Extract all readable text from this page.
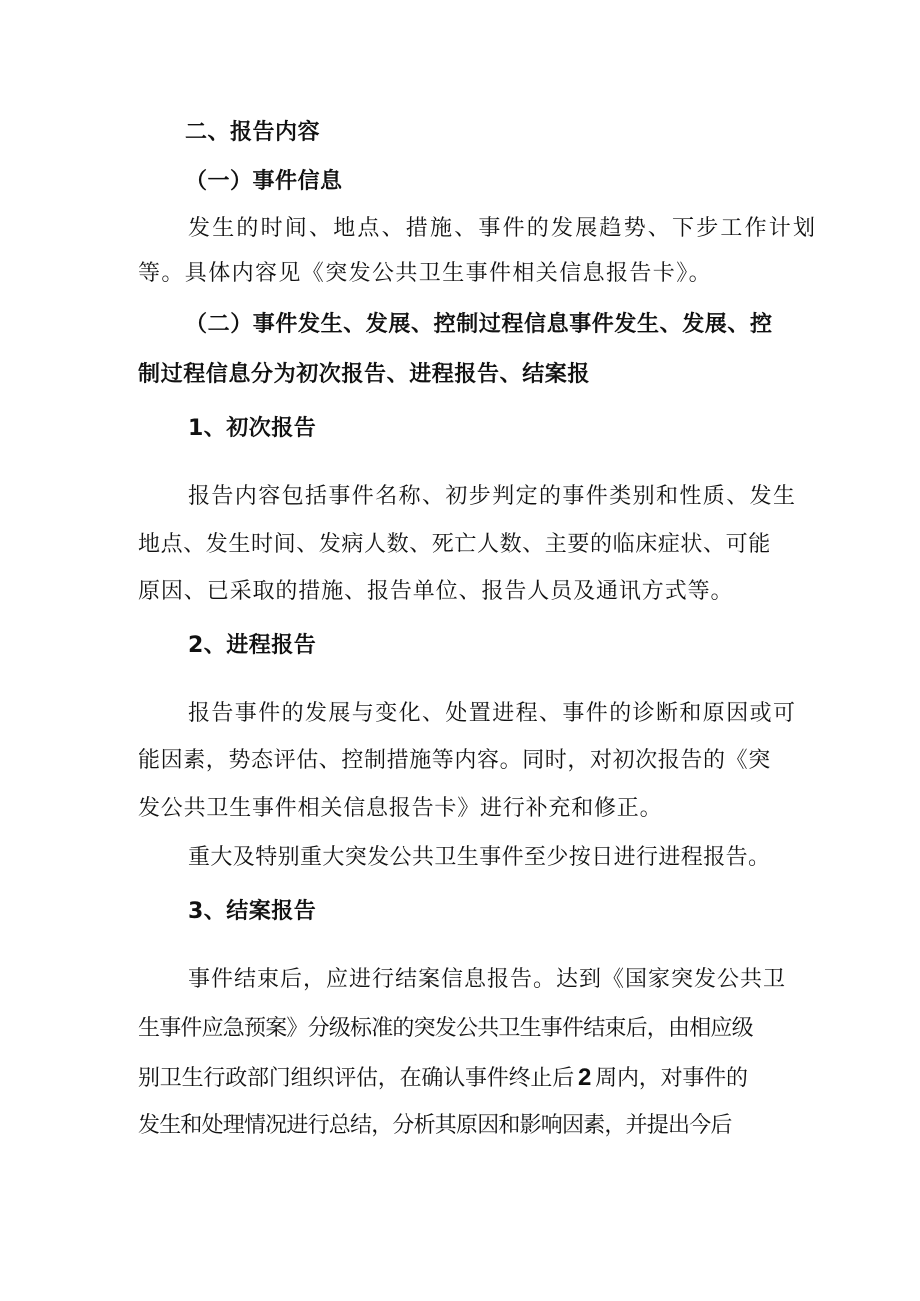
二、报告内容
（一）事件信息
发生的时间、地点、措施、事件的发展趋势、下步工作计划
等。具体内容见《突发公共卫生事件相关信息报告卡》。
（二）事件发生、发展、控制过程信息事件发生、发展、控
制过程信息分为初次报告、进程报告、结案报
1、初次报告
报告内容包括事件名称、初步判定的事件类别和性质、发生
地点、发生时间、发病人数、死亡人数、主要的临床症状、可能
原因、已采取的措施、报告单位、报告人员及通讯方式等。
2、进程报告
报告事件的发展与变化、处置进程、事件的诊断和原因或可
能因素，势态评估、控制措施等内容。同时，对初次报告的《突
发公共卫生事件相关信息报告卡》进行补充和修正。
重大及特别重大突发公共卫生事件至少按日进行进程报告。
3、结案报告
事件结束后，应进行结案信息报告。达到《国家突发公共卫
生事件应急预案》分级标准的突发公共卫生事件结束后，由相应级
别卫生行政部门组织评估，在确认事件终止后 2 周内，对事件的
发生和处理情况进行总结，分析其原因和影响因素，并提出今后
